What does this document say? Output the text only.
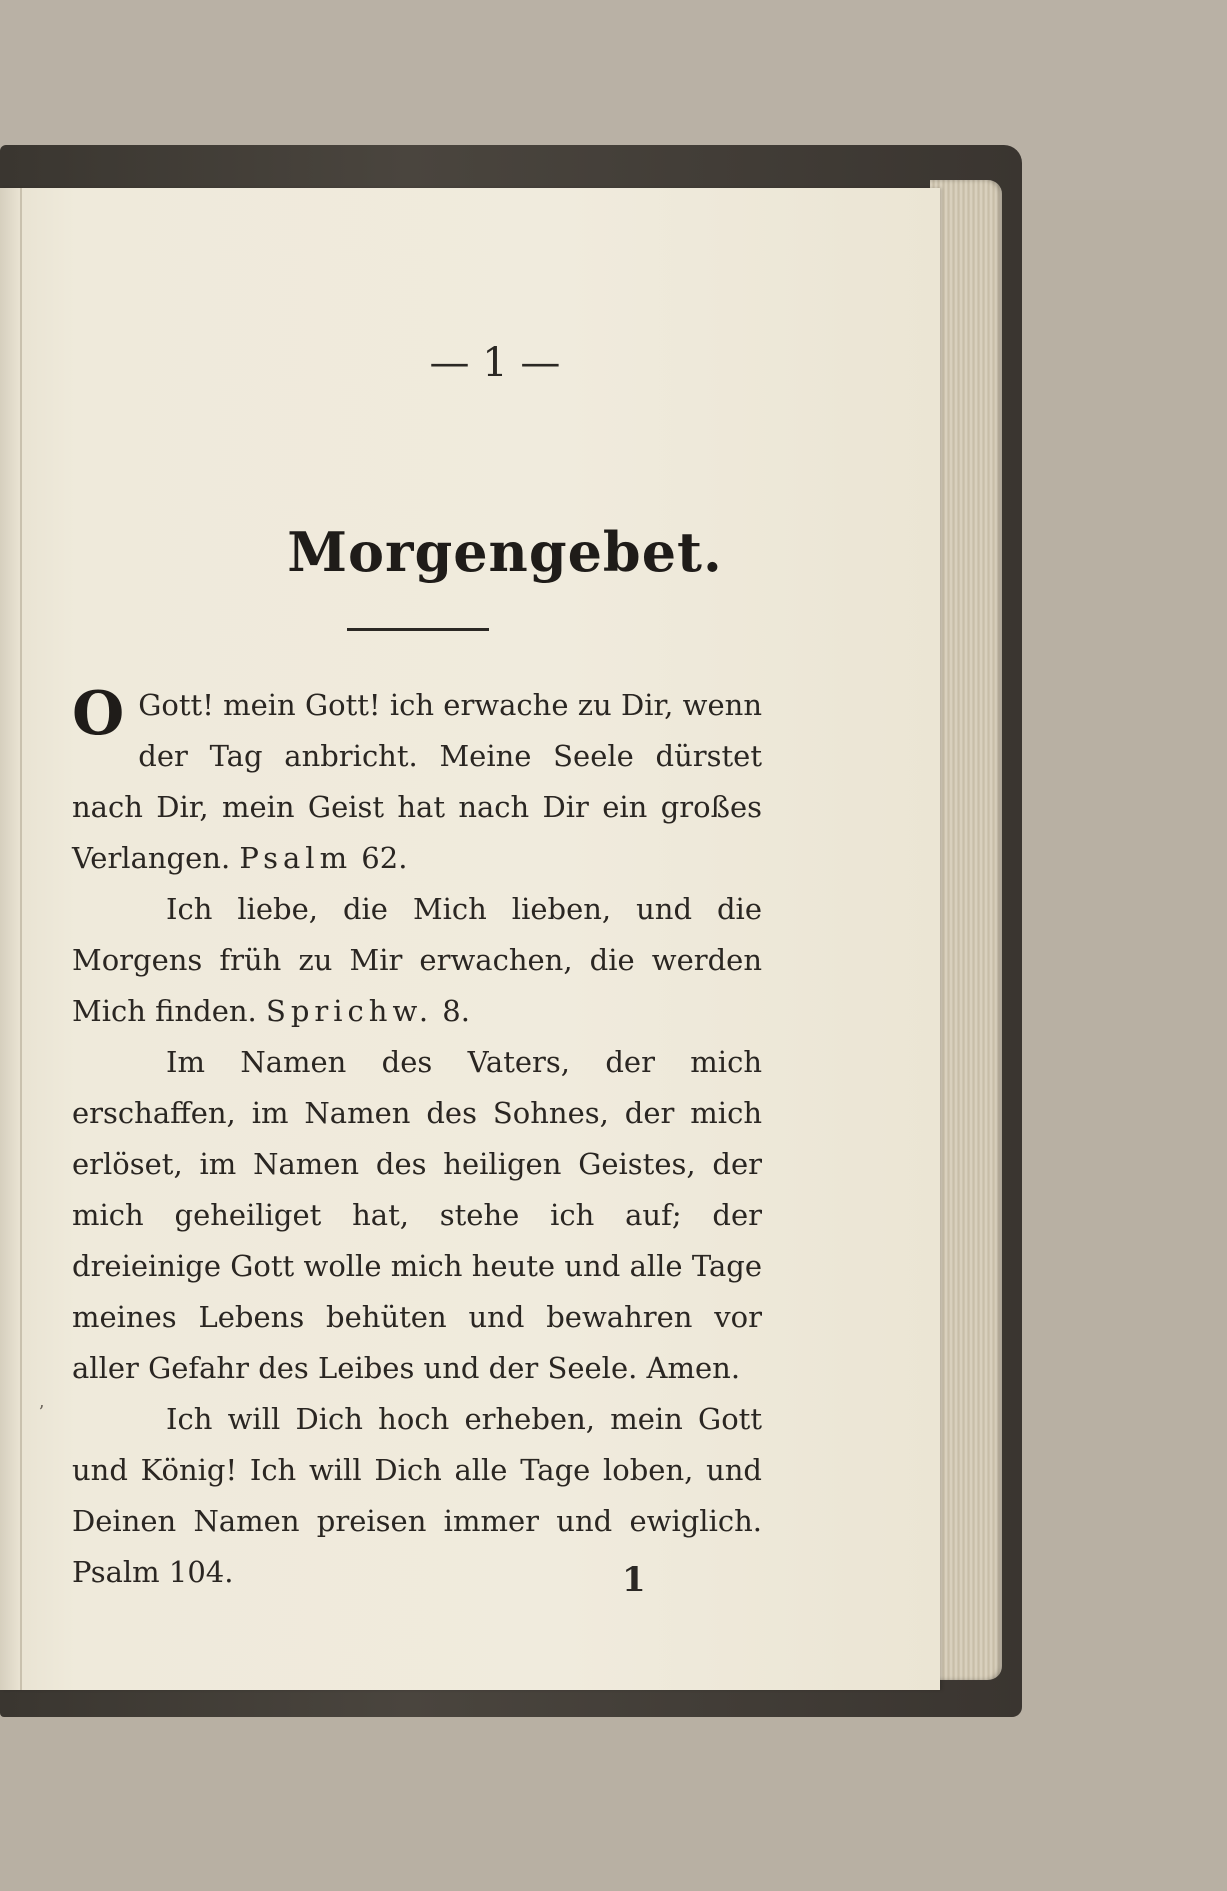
— 1 —
Morgengebet.

O Gott! mein Gott! ich erwache zu Dir, wenn der Tag anbricht. Meine Seele dürstet nach Dir, mein Geist hat nach Dir ein großes Verlangen. Psalm 62.

Ich liebe, die Mich lieben, und die Morgens früh zu Mir erwachen, die werden Mich finden. Sprichw. 8.

Im Namen des Vaters, der mich erschaffen, im Namen des Sohnes, der mich erlöset, im Namen des heiligen Geistes, der mich geheiliget hat, stehe ich auf; der dreieinige Gott wolle mich heute und alle Tage meines Lebens behüten und bewahren vor aller Gefahr des Leibes und der Seele. Amen.

Ich will Dich hoch erheben, mein Gott und König! Ich will Dich alle Tage loben, und Deinen Namen preisen immer und ewiglich. Psalm 104.

ʼ
1
